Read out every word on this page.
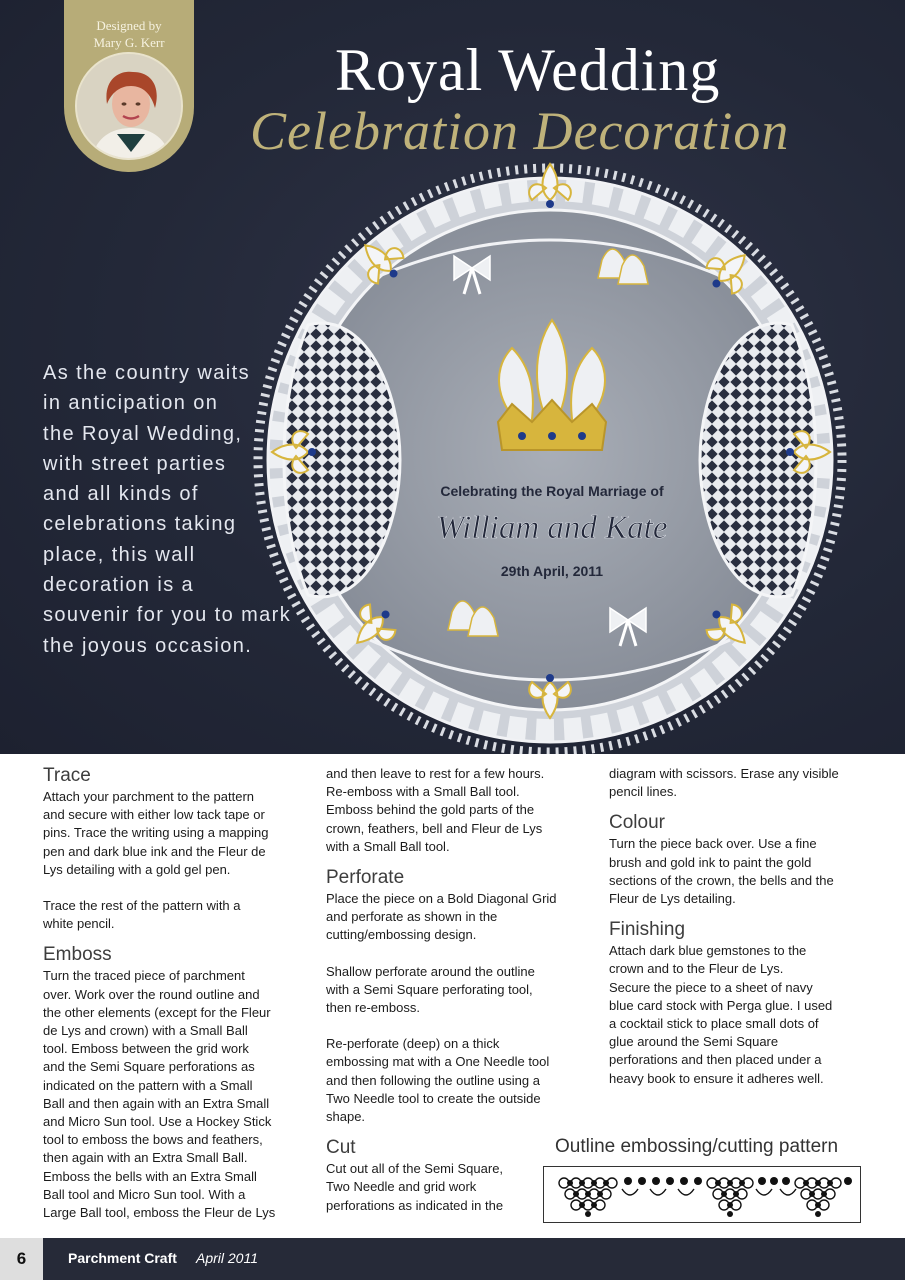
Designed by
Mary G. Kerr	Royal Wedding
Celebration Decoration

As the country waits

in anticipation on

the Royal Wedding,

with street parties

and all kinds of

celebrations taking

place, this wall

decoration is a

souvenir for you to mark

the joyous occasion.

Celebrating the Royal Marriage of
William and Kate
29th April, 2011
Trace

Attach your parchment to the pattern

and secure with either low tack tape or

pins. Trace the writing using a mapping

pen and dark blue ink and the Fleur de

Lys detailing with a gold gel pen.

Trace the rest of the pattern with a

white pencil.

Emboss

Turn the traced piece of parchment

over. Work over the round outline and

the other elements (except for the Fleur

de Lys and crown) with a Small Ball

tool. Emboss between the grid work

and the Semi Square perforations as

indicated on the pattern with a Small

Ball and then again with an Extra Small

and Micro Sun tool. Use a Hockey Stick

tool to emboss the bows and feathers,

then again with an Extra Small Ball.

Emboss the bells with an Extra Small

Ball tool and Micro Sun tool. With a

Large Ball tool, emboss the Fleur de Lys

and then leave to rest for a few hours.

Re-emboss with a Small Ball tool.

Emboss behind the gold parts of the

crown, feathers, bell and Fleur de Lys

with a Small Ball tool.

Perforate

Place the piece on a Bold Diagonal Grid

and perforate as shown in the

cutting/embossing design.

Shallow perforate around the outline

with a Semi Square perforating tool,

then re-emboss.

Re-perforate (deep) on a thick

embossing mat with a One Needle tool

and then following the outline using a

Two Needle tool to create the outside

shape.

Cut

Cut out all of the Semi Square,

Two Needle and grid work

perforations as indicated in the

diagram with scissors. Erase any visible

pencil lines.

Colour

Turn the piece back over. Use a fine

brush and gold ink to paint the gold

sections of the crown, the bells and the

Fleur de Lys detailing.

Finishing

Attach dark blue gemstones to the

crown and to the Fleur de Lys.

Secure the piece to a sheet of navy

blue card stock with Perga glue. I used

a cocktail stick to place small dots of

glue around the Semi Square

perforations and then placed under a

heavy book to ensure it adheres well.

Outline embossing/cutting pattern
6	Parchment Craft April 2011
